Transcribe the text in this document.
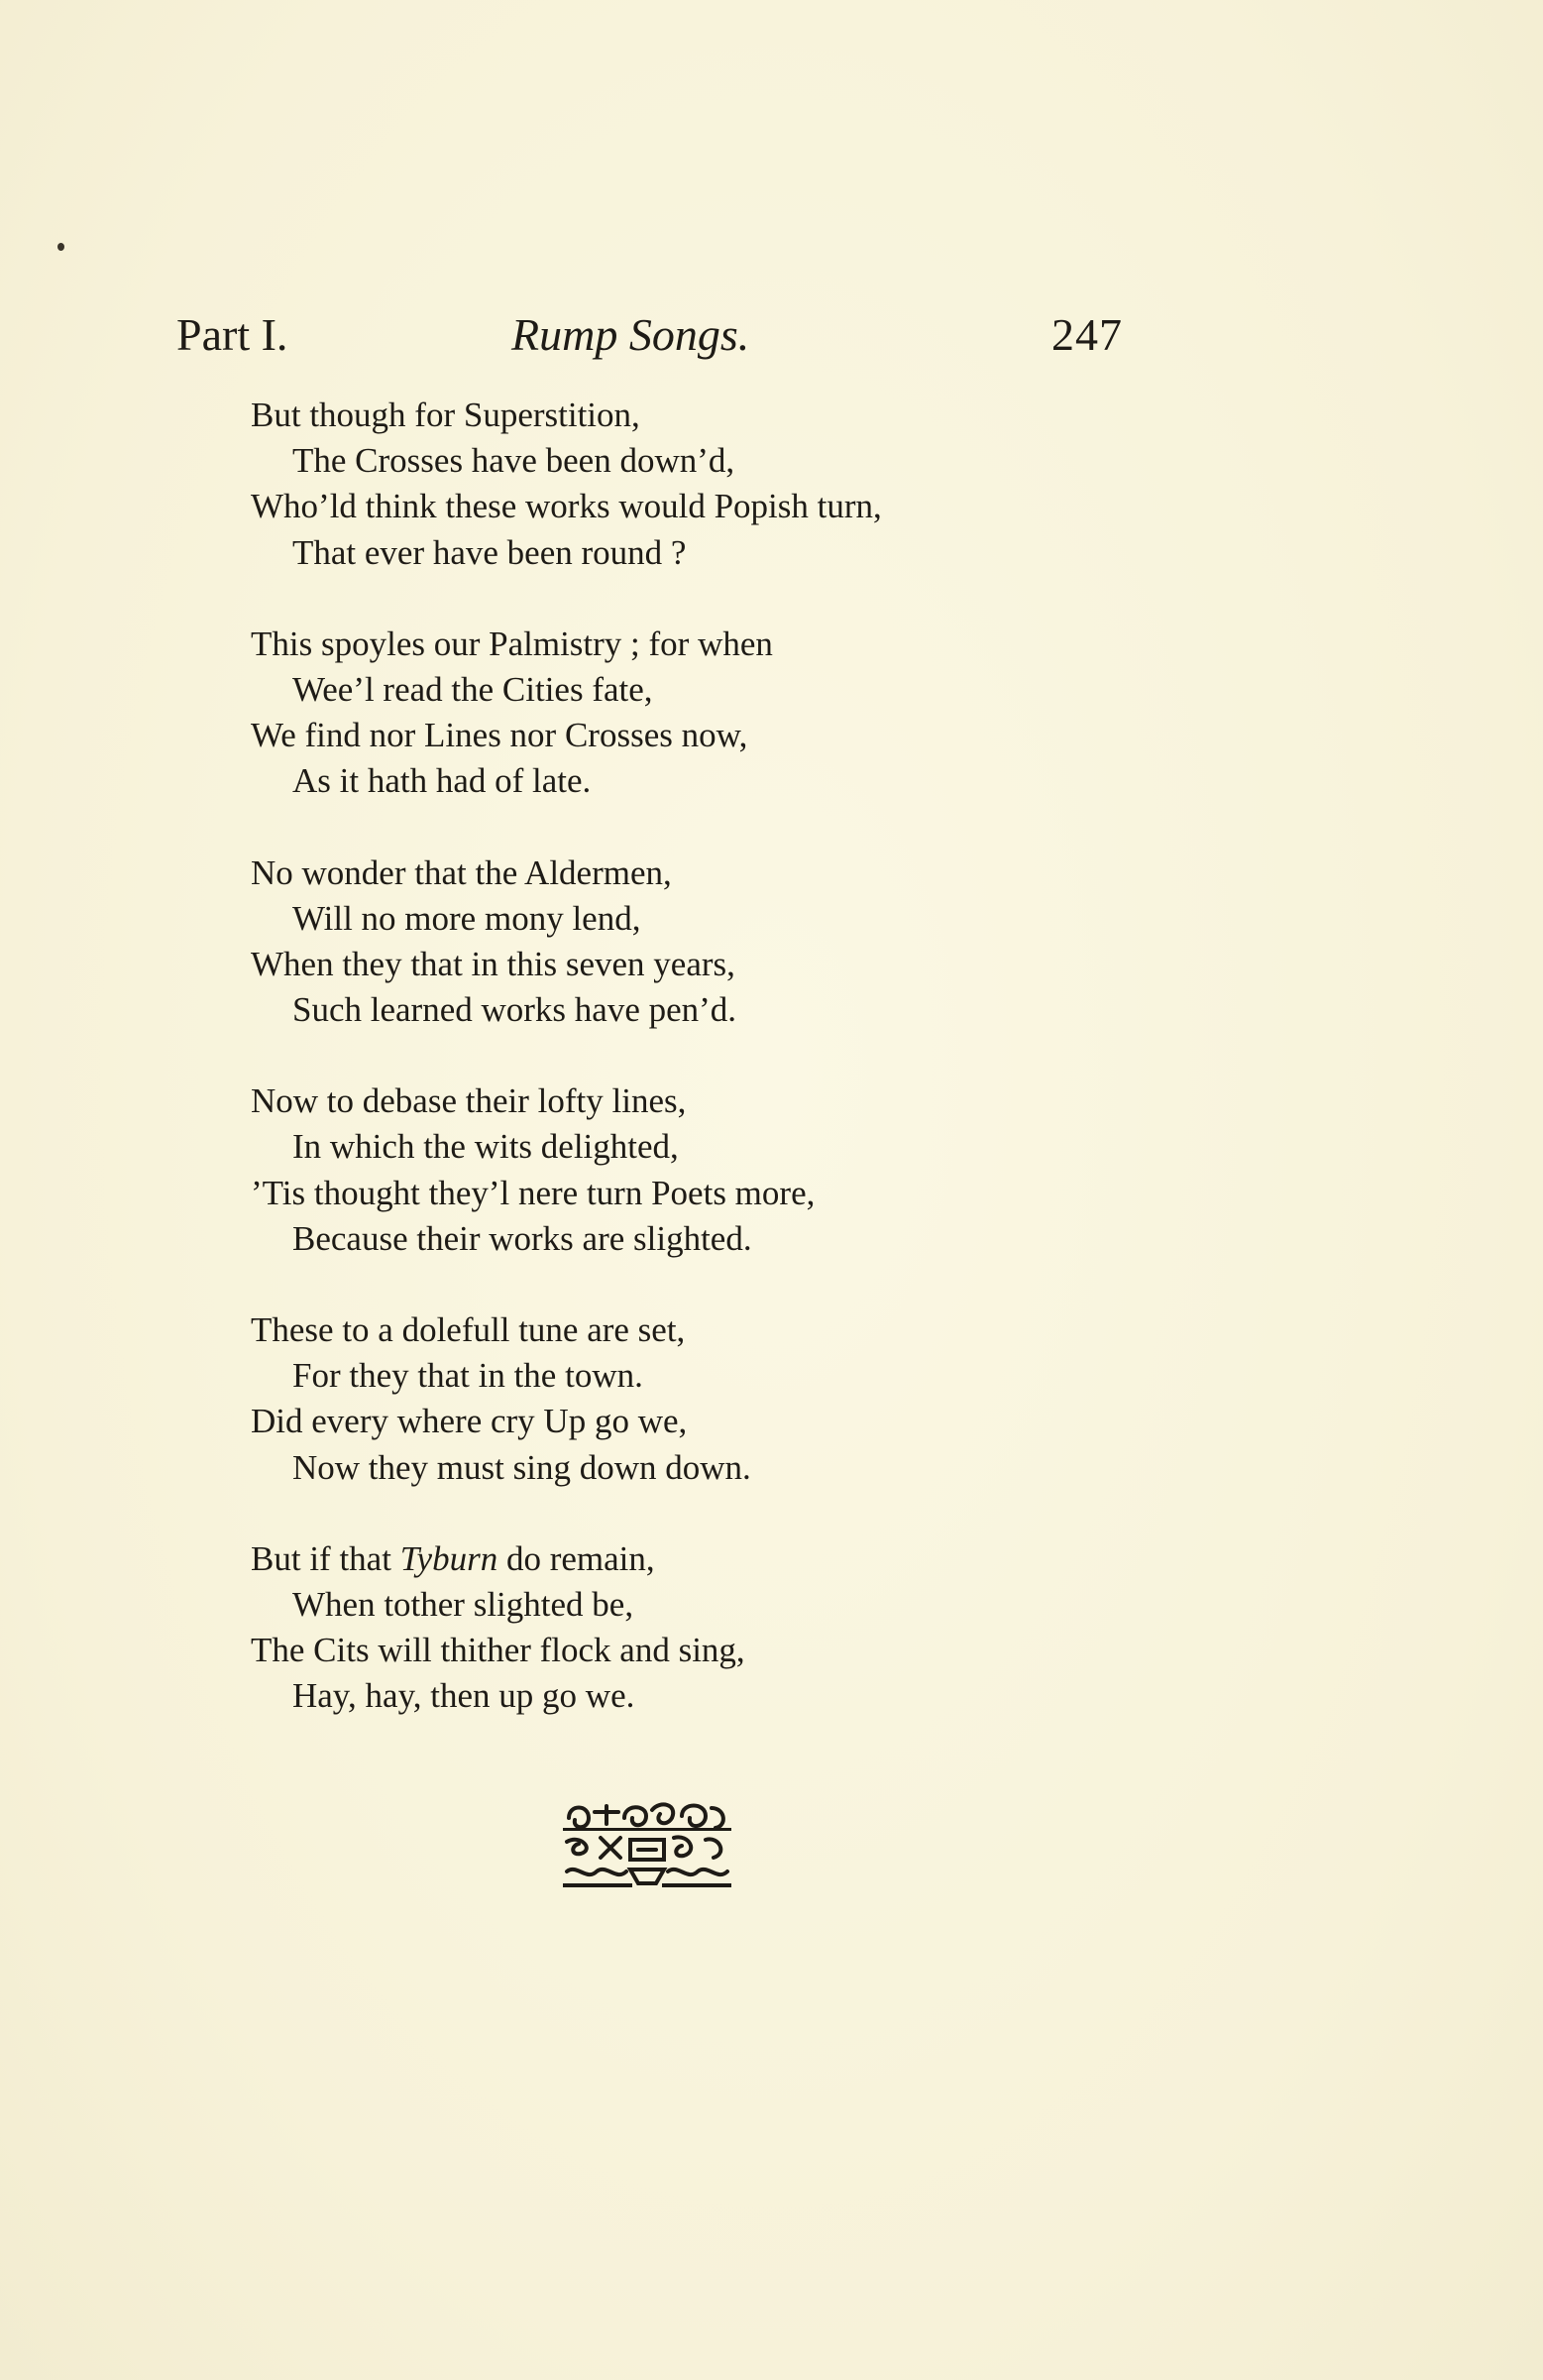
Part I.	Rump Songs.	247
But though for Superstition,
The Crosses have been down’d,
Who’ld think these works would Popish turn,
That ever have been round ?
This spoyles our Palmistry ; for when
Wee’l read the Cities fate,
We find nor Lines nor Crosses now,
As it hath had of late.
No wonder that the Aldermen,
Will no more mony lend,
When they that in this seven years,
Such learned works have pen’d.
Now to debase their lofty lines,
In which the wits delighted,
’Tis thought they’l nere turn Poets more,
Because their works are slighted.
These to a dolefull tune are set,
For they that in the town.
Did every where cry Up go we,
Now they must sing down down.
But if that Tyburn do remain,
When tother slighted be,
The Cits will thither flock and sing,
Hay, hay, then up go we.
